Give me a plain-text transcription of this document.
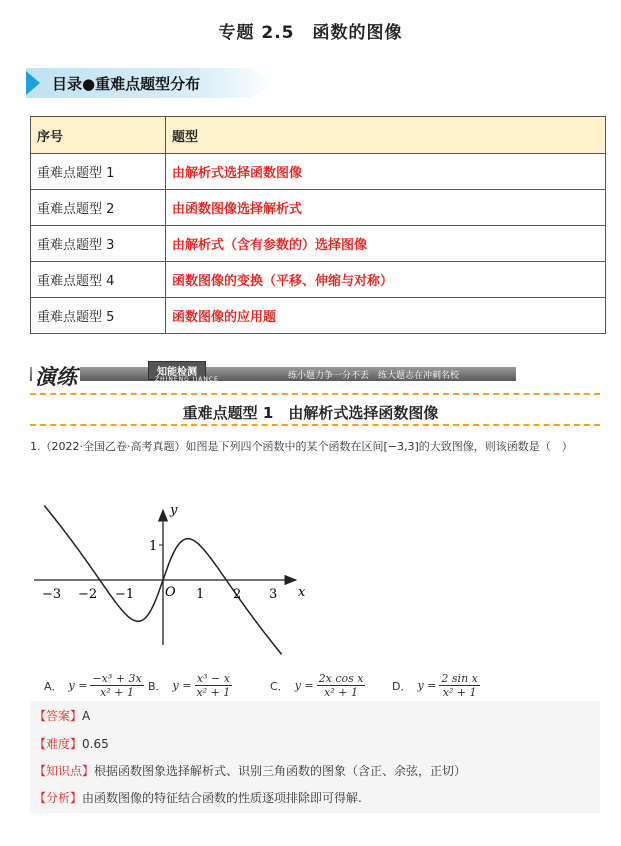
专题 2.5　函数的图像
目录●重难点题型分布
序号	题型
重难点题型 1	由解析式选择函数图像
重难点题型 2	由函数图像选择解析式
重难点题型 3	由解析式（含有参数的）选择图像
重难点题型 4	函数图像的变换（平移、伸缩与对称）
重难点题型 5	函数图像的应用题
演练	知能检测
ZHINENG JIANCE	练小题力争一分不丢　练大题志在冲刺名校
重难点题型 1　由解析式选择函数图像
1.（2022·全国乙卷·高考真题）如图是下列四个函数中的某个函数在区间[−3,3]的大致图像，则该函数是（　）
y
x
O
1
−3 −2 −1	1 2 3
A． $y = \frac{\text{−x³ + 3x}}{\text{x² + 1}}$ B． $y = \frac{\text{x³ − x}}{\text{x² + 1}}$	C． $y = \frac{\text{2x cos x}}{\text{x² + 1}}$ D． $y = \frac{\text{2 sin x}}{\text{x² + 1}}$
【答案】A
【难度】0.65
【知识点】根据函数图象选择解析式、识别三角函数的图象（含正、余弦，正切）
【分析】由函数图像的特征结合函数的性质逐项排除即可得解.
